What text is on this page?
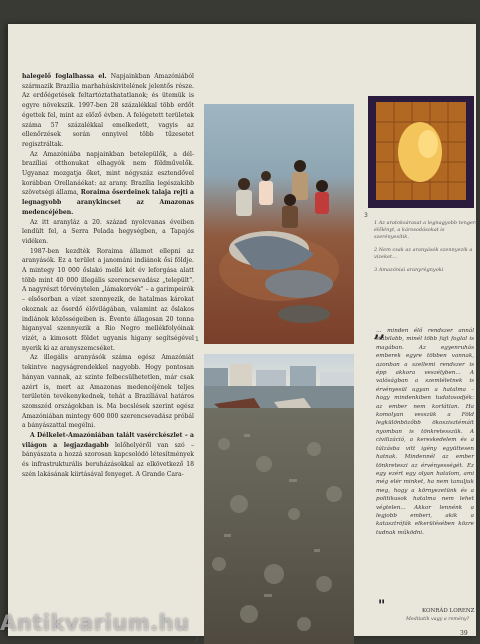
halegelő foglalhassa el. Napjainkban Amazóniából származik Brazília marhahúskivitelének jelentős része. Az erdőégetések feltartóztathatatlanok; és ütemük is egyre növekszik. 1997-ben 28 százalékkal több erdőt égettek fel, mint az előző évben. A felégetett területek száma 57 százalékkal emelkedett, vagyis az ellenőrzések során ennyivel több tűzesetet regisztráltak.

Az Amazóniába napjainkban betelepülők, a dél-brazíliai otthonukat elhagyók nem földművelők. Ugyanaz mozgatja őket, mint négyszáz esztendővel korábban Orellanáékat: az arany. Brazília legészakibb szövetségi állama, Roraima őserdeinek talaja rejti a legnagyobb aranykincset az Amazonas medencéjében.

Az itt aranyláz a 20. század nyolcvanas éveiben lendült fel, a Serra Pelada hegységben, a Tapajós vidéken.

1987-ben kezdték Roraima államot ellepni az aranyásók. Ez a terület a janománi indiánok ősi földje. A mintegy 10 000 őslakó mellé két év leforgása alatt több mint 40 000 illegális szerencsevadász „települt". A nagyrészt törvénytelen „lámakorvók" – a garimpeirók – elsősorban a vízet szennyezik, de hatalmas károkat okoznak az őserdő élővilágában, valamint az őslakos indiánok közösségeiben is. Évente állagosan 20 tonna higanyval szennyezik a Rio Negro mellékfolyóinak vizét, a kimosott földet ugyanis higany segítségével nyerik ki az aranyszemcséket.

Az illegális aranyásók száma egész Amazóniát tekintve nagyságrendekkel nagyobb. Hogy pontosan hányan vannak, az szinte felbecsülhetetlen, már csak azért is, mert az Amazonas medencéjének teljes területén tevékenykednek, tehát a Brazíliával határos szomszéd országokban is. Ma becslések szerint egész Amazóniában mintegy 600 000 szerencsevadász próbál a bányászattal megélni.

A Délkelet-Amazóniában talált vasérckészlet – a világon a legjazdagabb lelőhelyéről van szó – bányászata a hozzá szorosan kapcsolódó létesítmények és infrastrukturális beruházásokkal az elkövetkező 18 szén lakásának kiirtásával fenyeget. A Grande Cara-

1
2
3
1 Az aratoksárasat a legnagyobb tengeri élőlényt, a károsodásokat is szerényesítik.
2 Nem csak az aranyásók szennyezik a vizeket...
3 Amazóniai aranyrégnyoki
,,
… minden élő rendszer annál stabilabb, minél több fajt foglal is magában. Az egyenruhás emberek egyre többen vannak, azonban a szellemi rendszer is épp akkora veszélyben... A valóságban a szemléletnek is érvényesül ugyan a hatalma – hogy mindenkiben tudatosodjék: az ember nem korlátlan. Ha komolyan vesszük a Föld legkülönbözőbb ökoszisztémáit nyomban is tönkretesszük. A civilizáció, a kereskedelem és a túlzásba vitt igény együttesen hatnak. Mindennél az ember tönkreteszi az érvényességét. Ez egy ezért egy olyan hatalom, ami még elér minket, ha nem tanuljuk meg, hogy a környezetünk és a politikusok hatalma nem lehet végtelen... Akkor lennénk a legjobb emberi, akik a katasztrófák elkerülésében közre tudnak működni.
"	KONRÁD LORENZ
Meditatik vagy a remény?
39
Antikvarium.hu
